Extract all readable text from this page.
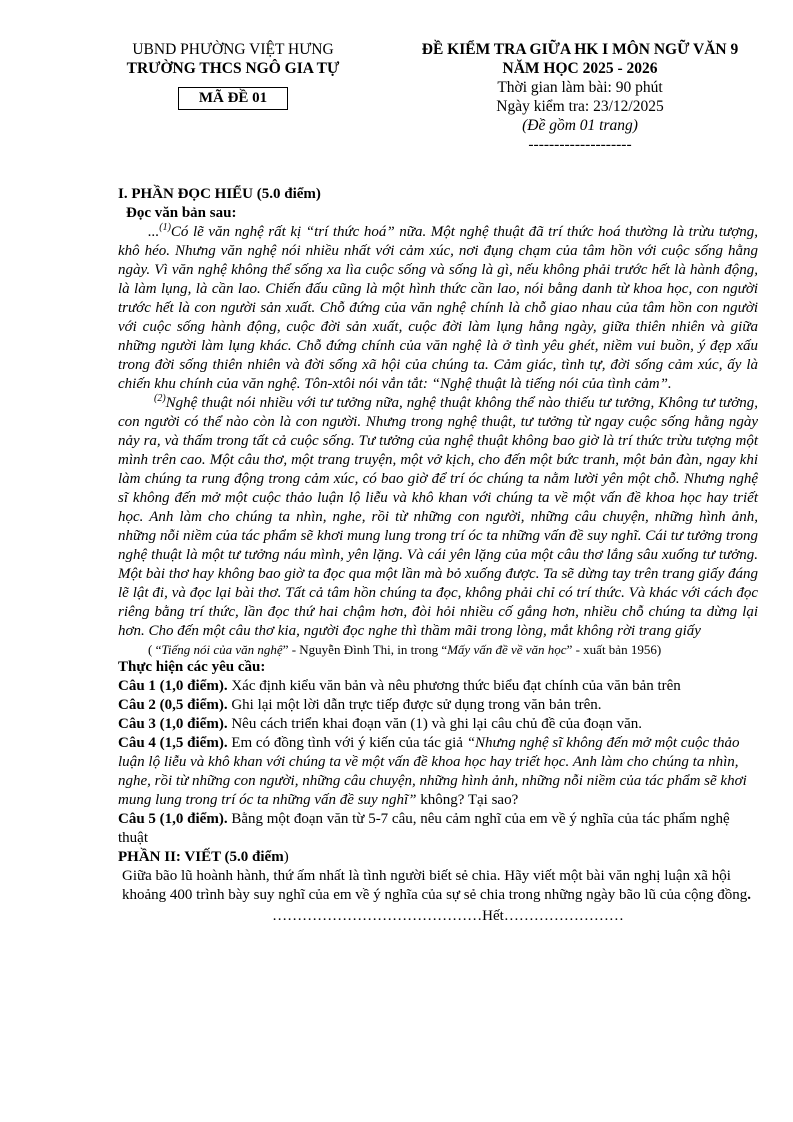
UBND PHƯỜNG VIỆT HƯNG
TRƯỜNG THCS NGÔ GIA TỰ
MÃ ĐỀ 01
ĐỀ KIỂM TRA GIỮA HK I MÔN NGỮ VĂN 9
NĂM HỌC 2025 - 2026
Thời gian làm bài: 90 phút
Ngày kiểm tra: 23/12/2025
(Đề gồm 01 trang)
--------------------
I. PHẦN ĐỌC HIỂU (5.0 điểm)
Đọc văn bản sau:

...$^{(1)}$Có lẽ văn nghệ rất kị “trí thức hoá” nữa. Một nghệ thuật đã trí thức hoá thường là trừu tượng, khô héo. Nhưng văn nghệ nói nhiều nhất với cảm xúc, nơi đụng chạm của tâm hồn với cuộc sống hằng ngày. Vì văn nghệ không thể sống xa lìa cuộc sống và sống là gì, nếu không phải trước hết là hành động, là làm lụng, là cần lao. Chiến đấu cũng là một hình thức cần lao, nói bằng danh từ khoa học, con người trước hết là con người sản xuất. Chỗ đứng của văn nghệ chính là chỗ giao nhau của tâm hồn con người với cuộc sống hành động, cuộc đời sản xuất, cuộc đời làm lụng hằng ngày, giữa thiên nhiên và giữa những người làm lụng khác. Chỗ đứng chính của văn nghệ là ở tình yêu ghét, niềm vui buồn, ý đẹp xấu trong đời sống thiên nhiên và đời sống xã hội của chúng ta. Cảm giác, tình tự, đời sống cảm xúc, ấy là chiến khu chính của văn nghệ. Tôn-xtôi nói vắn tắt: “Nghệ thuật là tiếng nói của tình cảm”.

$^{(2)}$Nghệ thuật nói nhiều với tư tưởng nữa, nghệ thuật không thể nào thiếu tư tưởng, Không tư tưởng, con người có thể nào còn là con người. Nhưng trong nghệ thuật, tư tưởng từ ngay cuộc sống hằng ngày nảy ra, và thấm trong tất cả cuộc sống. Tư tưởng của nghệ thuật không bao giờ là trí thức trừu tượng một mình trên cao. Một câu thơ, một trang truyện, một vở kịch, cho đến một bức tranh, một bản đàn, ngay khi làm chúng ta rung động trong cảm xúc, có bao giờ để trí óc chúng ta nằm lười yên một chỗ. Nhưng nghệ sĩ không đến mở một cuộc thảo luận lộ liễu và khô khan với chúng ta về một vấn đề khoa học hay triết học. Anh làm cho chúng ta nhìn, nghe, rồi từ những con người, những câu chuyện, những hình ảnh, những nỗi niềm của tác phẩm sẽ khơi mung lung trong trí óc ta những vấn đề suy nghĩ. Cái tư tưởng trong nghệ thuật là một tư tưởng náu mình, yên lặng. Và cái yên lặng của một câu thơ lắng sâu xuống tư tưởng. Một bài thơ hay không bao giờ ta đọc qua một lần mà bỏ xuống được. Ta sẽ dừng tay trên trang giấy đáng lẽ lật đi, và đọc lại bài thơ. Tất cả tâm hồn chúng ta đọc, không phải chỉ có trí thức. Và khác với cách đọc riêng bằng trí thức, lần đọc thứ hai chậm hơn, đòi hỏi nhiều cố gắng hơn, nhiều chỗ chúng ta dừng lại hơn. Cho đến một câu thơ kia, người đọc nghe thì thầm mãi trong lòng, mắt không rời trang giấy

( “Tiếng nói của văn nghệ” - Nguyễn Đình Thi, in trong “Mấy vấn đề về văn học” - xuất bản 1956)
Thực hiện các yêu cầu:

Câu 1 (1,0 điểm). Xác định kiểu văn bản và nêu phương thức biểu đạt chính của văn bản trên

Câu 2 (0,5 điểm). Ghi lại một lời dẫn trực tiếp được sử dụng trong văn bản trên.

Câu 3 (1,0 điểm). Nêu cách triển khai đoạn văn (1) và ghi lại câu chủ đề của đoạn văn.

Câu 4 (1,5 điểm). Em có đồng tình với ý kiến của tác giả “Nhưng nghệ sĩ không đến mở một cuộc thảo luận lộ liễu và khô khan với chúng ta về một vấn đề khoa học hay triết học. Anh làm cho chúng ta nhìn, nghe, rồi từ những con người, những câu chuyện, những hình ảnh, những nỗi niềm của tác phẩm sẽ khơi mung lung trong trí óc ta những vấn đề suy nghĩ” không? Tại sao?

Câu 5 (1,0 điểm). Bằng một đoạn văn từ 5-7 câu, nêu cảm nghĩ của em về ý nghĩa của tác phẩm nghệ thuật

PHẦN II: VIẾT (5.0 điểm)
Giữa bão lũ hoành hành, thứ ấm nhất là tình người biết sẻ chia. Hãy viết một bài văn nghị luận xã hội khoảng 400 trình bày suy nghĩ của em về ý nghĩa của sự sẻ chia trong những ngày bão lũ của cộng đồng.
……………………………………Hết……………………
